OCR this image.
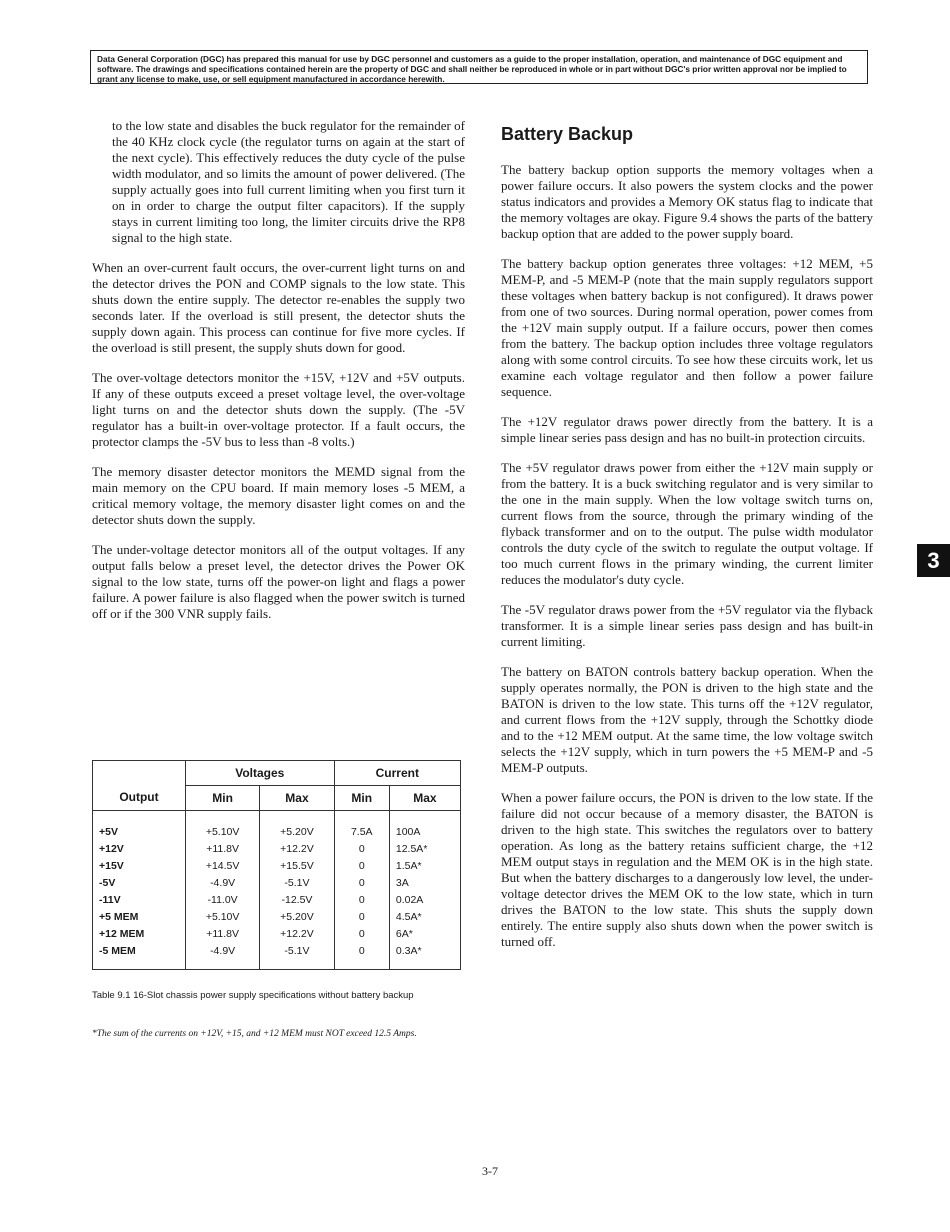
Data General Corporation (DGC) has prepared this manual for use by DGC personnel and customers as a guide to the proper installation, operation, and maintenance of DGC equipment and software. The drawings and specifications contained herein are the property of DGC and shall neither be reproduced in whole or in part without DGC's prior written approval nor be implied to grant any license to make, use, or sell equipment manufactured in accordance herewith.

to the low state and disables the buck regulator for the remainder of the 40 KHz clock cycle (the regulator turns on again at the start of the next cycle). This effectively reduces the duty cycle of the pulse width modulator, and so limits the amount of power delivered. (The supply actually goes into full current limiting when you first turn it on in order to charge the output filter capacitors). If the supply stays in current limiting too long, the limiter circuits drive the RP8 signal to the high state.

When an over-current fault occurs, the over-current light turns on and the detector drives the PON and COMP signals to the low state. This shuts down the entire supply. The detector re-enables the supply two seconds later. If the overload is still present, the detector shuts the supply down again. This process can continue for five more cycles. If the overload is still present, the supply shuts down for good.

The over-voltage detectors monitor the +15V, +12V and +5V outputs. If any of these outputs exceed a preset voltage level, the over-voltage light turns on and the detector shuts down the supply. (The -5V regulator has a built-in over-voltage protector. If a fault occurs, the protector clamps the -5V bus to less than -8 volts.)

The memory disaster detector monitors the MEMD signal from the main memory on the CPU board. If main memory loses -5 MEM, a critical memory voltage, the memory disaster light comes on and the detector shuts down the supply.

The under-voltage detector monitors all of the output voltages. If any output falls below a preset level, the detector drives the Power OK signal to the low state, turns off the power-on light and flags a power failure. A power failure is also flagged when the power switch is turned off or if the 300 VNR supply fails.

Output	Voltages		Current	
	Min	Max	Min	Max
+5V	+5.10V	+5.20V	7.5A	100A
+12V	+11.8V	+12.2V	0	12.5A*
+15V	+14.5V	+15.5V	0	1.5A*
-5V	-4.9V	-5.1V	0	3A
-11V	-11.0V	-12.5V	0	0.02A
+5 MEM	+5.10V	+5.20V	0	4.5A*
+12 MEM	+11.8V	+12.2V	0	6A*
-5 MEM	-4.9V	-5.1V	0	0.3A*
Table 9.1 16-Slot chassis power supply specifications without battery backup
*The sum of the currents on +12V, +15, and +12 MEM must NOT exceed 12.5 Amps.
Battery Backup

The battery backup option supports the memory voltages when a power failure occurs. It also powers the system clocks and the power status indicators and provides a Memory OK status flag to indicate that the memory voltages are okay. Figure 9.4 shows the parts of the battery backup option that are added to the power supply board.

The battery backup option generates three voltages: +12 MEM, +5 MEM-P, and -5 MEM-P (note that the main supply regulators support these voltages when battery backup is not configured). It draws power from one of two sources. During normal operation, power comes from the +12V main supply output. If a failure occurs, power then comes from the battery. The backup option includes three voltage regulators along with some control circuits. To see how these circuits work, let us examine each voltage regulator and then follow a power failure sequence.

The +12V regulator draws power directly from the battery. It is a simple linear series pass design and has no built-in protection circuits.

The +5V regulator draws power from either the +12V main supply or from the battery. It is a buck switching regulator and is very similar to the one in the main supply. When the low voltage switch turns on, current flows from the source, through the primary winding of the flyback transformer and on to the output. The pulse width modulator controls the duty cycle of the switch to regulate the output voltage. If too much current flows in the primary winding, the current limiter reduces the modulator's duty cycle.

The -5V regulator draws power from the +5V regulator via the flyback transformer. It is a simple linear series pass design and has built-in current limiting.

The battery on BATON controls battery backup operation. When the supply operates normally, the PON is driven to the high state and the BATON is driven to the low state. This turns off the +12V regulator, and current flows from the +12V supply, through the Schottky diode and to the +12 MEM output. At the same time, the low voltage switch selects the +12V supply, which in turn powers the +5 MEM-P and -5 MEM-P outputs.

When a power failure occurs, the PON is driven to the low state. If the failure did not occur because of a memory disaster, the BATON is driven to the high state. This switches the regulators over to battery operation. As long as the battery retains sufficient charge, the +12 MEM output stays in regulation and the MEM OK is in the high state. But when the battery discharges to a dangerously low level, the under-voltage detector drives the MEM OK to the low state, which in turn drives the BATON to the low state. This shuts the supply down entirely. The entire supply also shuts down when the power switch is turned off.

3
3-7
